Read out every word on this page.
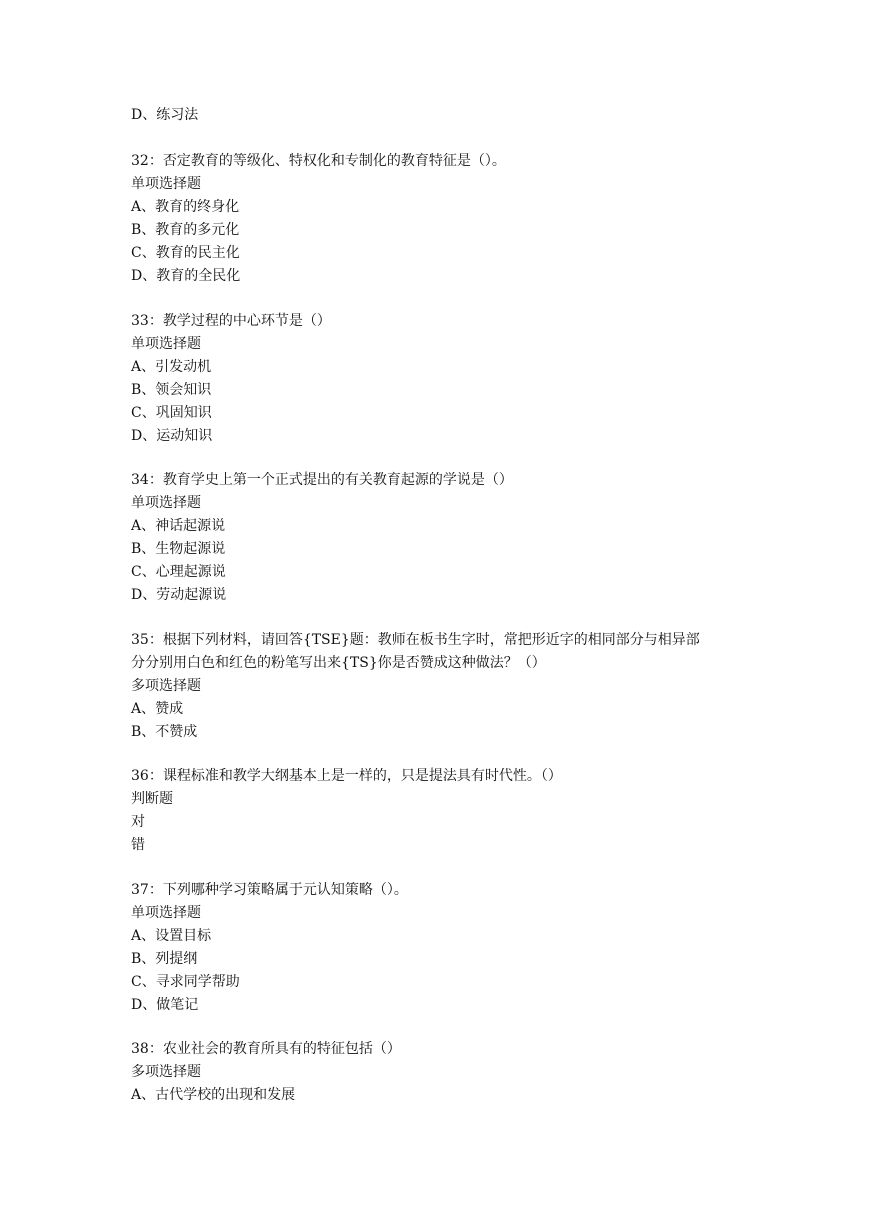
D、练习法
32：否定教育的等级化、特权化和专制化的教育特征是（）。
单项选择题
A、教育的终身化
B、教育的多元化
C、教育的民主化
D、教育的全民化
33：教学过程的中心环节是（）
单项选择题
A、引发动机
B、领会知识
C、巩固知识
D、运动知识
34：教育学史上第一个正式提出的有关教育起源的学说是（）
单项选择题
A、神话起源说
B、生物起源说
C、心理起源说
D、劳动起源说
35：根据下列材料，请回答{TSE}题：教师在板书生字时，常把形近字的相同部分与相异部
分分别用白色和红色的粉笔写出来{TS}你是否赞成这种做法？（）
多项选择题
A、赞成
B、不赞成
36：课程标准和教学大纲基本上是一样的，只是提法具有时代性。（）
判断题
对
错
37：下列哪种学习策略属于元认知策略（）。
单项选择题
A、设置目标
B、列提纲
C、寻求同学帮助
D、做笔记
38：农业社会的教育所具有的特征包括（）
多项选择题
A、古代学校的出现和发展
